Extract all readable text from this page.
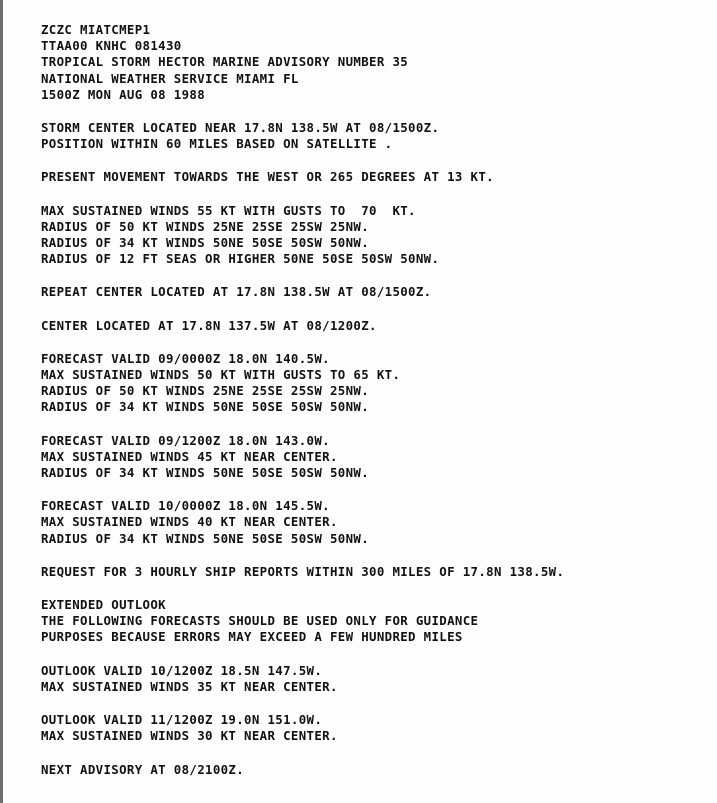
ZCZC MIATCMEP1
TTAA00 KNHC 081430
TROPICAL STORM HECTOR MARINE ADVISORY NUMBER 35
NATIONAL WEATHER SERVICE MIAMI FL
1500Z MON AUG 08 1988
STORM CENTER LOCATED NEAR 17.8N 138.5W AT 08/1500Z.
POSITION WITHIN 60 MILES BASED ON SATELLITE .
PRESENT MOVEMENT TOWARDS THE WEST OR 265 DEGREES AT 13 KT.
MAX SUSTAINED WINDS 55 KT WITH GUSTS TO  70  KT.
RADIUS OF 50 KT WINDS 25NE 25SE 25SW 25NW.
RADIUS OF 34 KT WINDS 50NE 50SE 50SW 50NW.
RADIUS OF 12 FT SEAS OR HIGHER 50NE 50SE 50SW 50NW.
REPEAT CENTER LOCATED AT 17.8N 138.5W AT 08/1500Z.
CENTER LOCATED AT 17.8N 137.5W AT 08/1200Z.
FORECAST VALID 09/0000Z 18.0N 140.5W.
MAX SUSTAINED WINDS 50 KT WITH GUSTS TO 65 KT.
RADIUS OF 50 KT WINDS 25NE 25SE 25SW 25NW.
RADIUS OF 34 KT WINDS 50NE 50SE 50SW 50NW.
FORECAST VALID 09/1200Z 18.0N 143.0W.
MAX SUSTAINED WINDS 45 KT NEAR CENTER.
RADIUS OF 34 KT WINDS 50NE 50SE 50SW 50NW.
FORECAST VALID 10/0000Z 18.0N 145.5W.
MAX SUSTAINED WINDS 40 KT NEAR CENTER.
RADIUS OF 34 KT WINDS 50NE 50SE 50SW 50NW.
REQUEST FOR 3 HOURLY SHIP REPORTS WITHIN 300 MILES OF 17.8N 138.5W.
EXTENDED OUTLOOK
THE FOLLOWING FORECASTS SHOULD BE USED ONLY FOR GUIDANCE
PURPOSES BECAUSE ERRORS MAY EXCEED A FEW HUNDRED MILES
OUTLOOK VALID 10/1200Z 18.5N 147.5W.
MAX SUSTAINED WINDS 35 KT NEAR CENTER.
OUTLOOK VALID 11/1200Z 19.0N 151.0W.
MAX SUSTAINED WINDS 30 KT NEAR CENTER.
NEXT ADVISORY AT 08/2100Z.
